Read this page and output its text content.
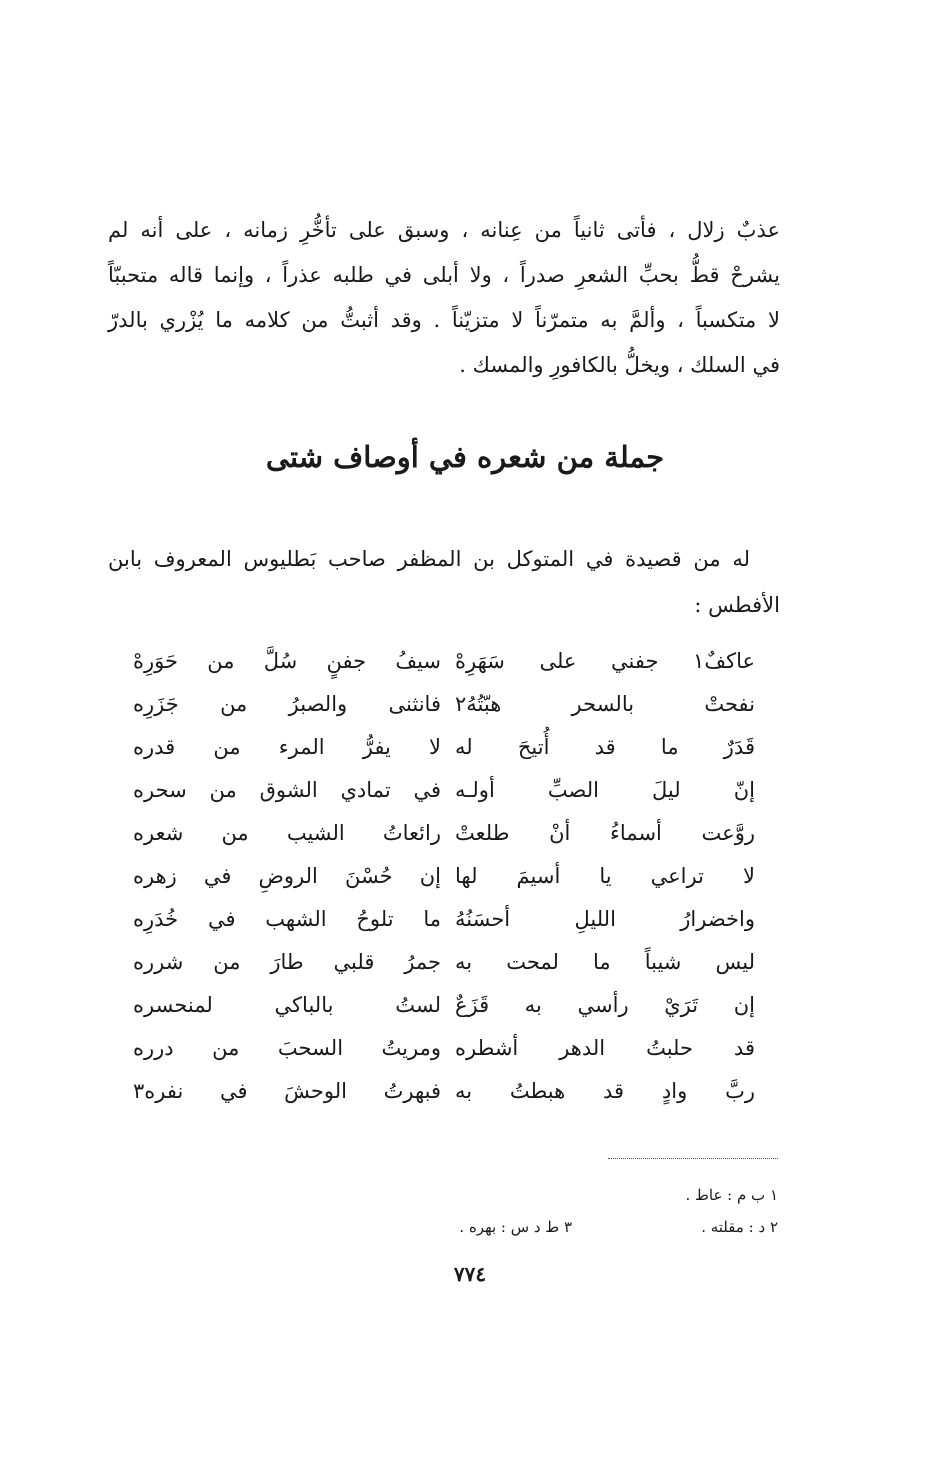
عذبٌ زلال ، فأتى ثانياً من عِنانه ، وسبق على تأخُّرِ زمانه ، على أنه لم
يشرحْ قطُّ بحبِّ الشعرِ صدراً ، ولا أبلى في طلبه عذراً ، وإنما قاله متحببّاً
لا متكسباً ، وألمَّ به متمرّناً لا متزيّناً . وقد أثبتُّ من كلامه ما يُزْري بالدرّ
في السلك ، ويخلُّ بالكافورِ والمسك .
جملة من شعره في أوصاف شتى
له من قصيدة في المتوكل بن المظفر صاحب بَطليوس المعروف بابن
الأفطس :
عاكفٌ١ جفني على سَهَرِهْ
سيفُ جفنٍ سُلَّ من حَوَرِهْ
نفحتْ بالسحر هبّتُهُ٢
فانثنى والصبرُ من جَزَرِه
قَدَرٌ ما قد أُتيحَ له
لا يفرُّ المرء من قدره
إنّ ليلَ الصبِّ أولـه
في تمادي الشوق من سحره
روَّعت أسماءُ أنْ طلعتْ
رائعاتُ الشيب من شعره
لا تراعي يا أسيمَ لها
إن حُسْنَ الروضِ في زهره
واخضرارُ الليلِ أحسَنُهُ
ما تلوحُ الشهب في خُدَرِه
ليس شيباً ما لمحت به
جمرُ قلبي طارَ من شرره
إن تَرَيْ رأسي به قَزَعٌ
لستُ بالباكي لمنحسره
قد حلبتُ الدهر أشطره
ومريتُ السحبَ من درره
ربَّ وادٍ قد هبطتُ به
فبهرتُ الوحشَ في نفره٣
١ ب م : عاط .
٢ د : مقلته .
٣ ط د س : بهره .
٧٧٤
